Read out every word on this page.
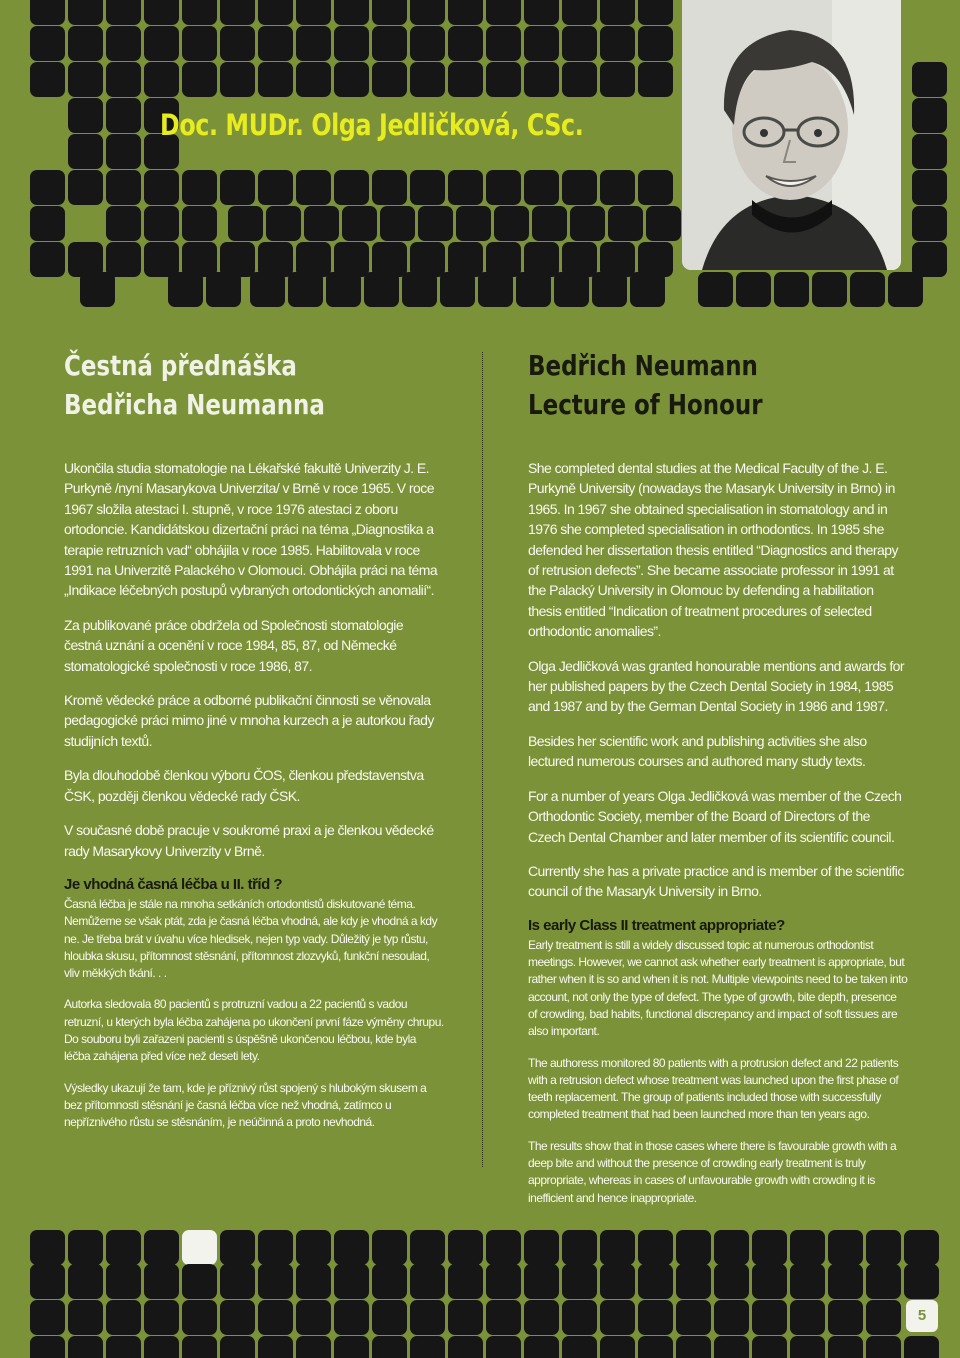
Doc. MUDr. Olga Jedličková, CSc.
Čestná přednáška
Bedřicha Neumanna
Bedřich Neumann
Lecture of Honour

Ukončila studia stomatologie na Lékařské fakultě Univerzity J. E. Purkyně /nyní Masarykova Univerzita/ v Brně v roce 1965. V roce 1967 složila atestaci I. stupně, v roce 1976 atestaci z oboru ortodoncie. Kandidátskou dizertační práci na téma „Diagnostika a terapie retruzních vad“ obhájila v roce 1985. Habilitovala v roce 1991 na Univerzitě Palackého v Olomouci. Obhájila práci na téma „Indikace léčebných postupů vybraných ortodontických anomalií“.

Za publikované práce obdržela od Společnosti stomatologie čestná uznání a ocenění v roce 1984, 85, 87, od Německé stomatologické společnosti v roce 1986, 87.

Kromě vědecké práce a odborné publikační činnosti se věnovala pedagogické práci mimo jiné v mnoha kurzech a je autorkou řady studijních textů.

Byla dlouhodobě členkou výboru ČOS, členkou představenstva ČSK, později členkou vědecké rady ČSK.

V současné době pracuje v soukromé praxi a je členkou vědecké rady Masarykovy Univerzity v Brně.

Je vhodná časná léčba u II. tříd ?

Časná léčba je stále na mnoha setkáních ortodontistů diskutované téma. Nemůžeme se však ptát, zda je časná léčba vhodná, ale kdy je vhodná a kdy ne. Je třeba brát v úvahu více hledisek, nejen typ vady. Důležitý je typ růstu, hloubka skusu, přítomnost stěsnání, přítomnost zlozvyků, funkční nesoulad, vliv měkkých tkání. . .

Autorka sledovala 80 pacientů s protruzní vadou a 22 pacientů s vadou retruzní, u kterých byla léčba zahájena po ukončení první fáze výměny chrupu. Do souboru byli zařazeni pacienti s úspěšně ukončenou léčbou, kde byla léčba zahájena před více než deseti lety.

Výsledky ukazují že tam, kde je příznivý růst spojený s hlubokým skusem a bez přítomnosti stěsnání je časná léčba více než vhodná, zatímco u nepříznivého růstu se stěsnáním, je neúčinná a proto nevhodná.

She completed dental studies at the Medical Faculty of the J. E. Purkyně University (nowadays the Masaryk University in Brno) in 1965. In 1967 she obtained specialisation in stomatology and in 1976 she completed specialisation in orthodontics. In 1985 she defended her dissertation thesis entitled “Diagnostics and therapy of retrusion defects”. She became associate professor in 1991 at the Palacký University in Olomouc by defending a habilitation thesis entitled “Indication of treatment procedures of selected orthodontic anomalies”.

Olga Jedličková was granted honourable mentions and awards for her published papers by the Czech Dental Society in 1984, 1985 and 1987 and by the German Dental Society in 1986 and 1987.

Besides her scientific work and publishing activities she also lectured numerous courses and authored many study texts.

For a number of years Olga Jedličková was member of the Czech Orthodontic Society, member of the Board of Directors of the Czech Dental Chamber and later member of its scientific council.

Currently she has a private practice and is member of the scientific council of the Masaryk University in Brno.

Is early Class II treatment appropriate?

Early treatment is still a widely discussed topic at numerous orthodontist meetings. However, we cannot ask whether early treatment is appropriate, but rather when it is so and when it is not. Multiple viewpoints need to be taken into account, not only the type of defect. The type of growth, bite depth, presence of crowding, bad habits, functional discrepancy and impact of soft tissues are also important.

The authoress monitored 80 patients with a protrusion defect and 22 patients with a retrusion defect whose treatment was launched upon the first phase of teeth replacement. The group of patients included those with successfully completed treatment that had been launched more than ten years ago.

The results show that in those cases where there is favourable growth with a deep bite and without the presence of crowding early treatment is truly appropriate, whereas in cases of unfavourable growth with crowding it is inefficient and hence inappropriate.

5
